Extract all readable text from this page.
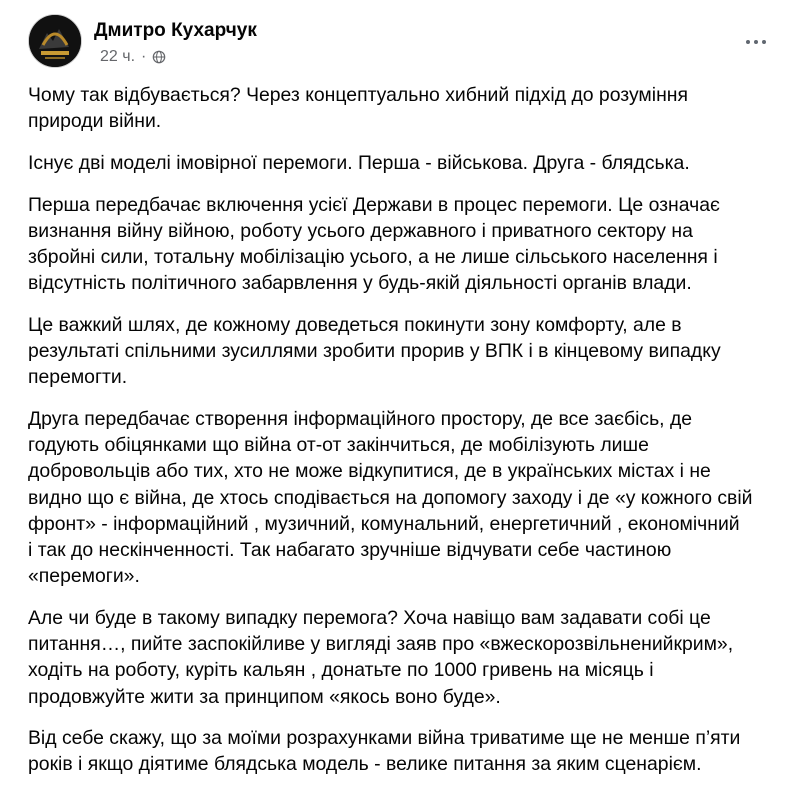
Дмитро Кухарчук
22 ч. ·

Чому так відбувається? Через концептуально хибний підхід до розуміння
природи війни.

Існує дві моделі імовірної перемоги. Перша - військова. Друга - блядська.

Перша передбачає включення усієї Держави в процес перемоги. Це означає
визнання війну війною, роботу усього державного і приватного сектору на
збройні сили, тотальну мобілізацію усього, а не лише сільського населення і
відсутність політичного забарвлення у будь-якій діяльності органів влади.

Це важкий шлях, де кожному доведеться покинути зону комфорту, але в
результаті спільними зусиллями зробити прорив у ВПК і в кінцевому випадку
перемогти.

Друга передбачає створення інформаційного простору, де все заєбісь, де
годують обіцянками що війна от-от закінчиться, де мобілізують лише
добровольців або тих, хто не може відкупитися, де в українських містах і не
видно що є війна, де хтось сподівається на допомогу заходу і де «у кожного свій
фронт» - інформаційний , музичний, комунальний, енергетичний , економічний
і так до нескінченності. Так набагато зручніше відчувати себе частиною
«перемоги».

Але чи буде в такому випадку перемога? Хоча навіщо вам задавати собі це
питання…, пийте заспокійливе у вигляді заяв про «вжескорозвільненийкрим»,
ходіть на роботу, куріть кальян , донатьте по 1000 гривень на місяць і
продовжуйте жити за принципом «якось воно буде».

Від себе скажу, що за моїми розрахунками війна триватиме ще не менше п’яти
років і якщо діятиме блядська модель - велике питання за яким сценарієм.
